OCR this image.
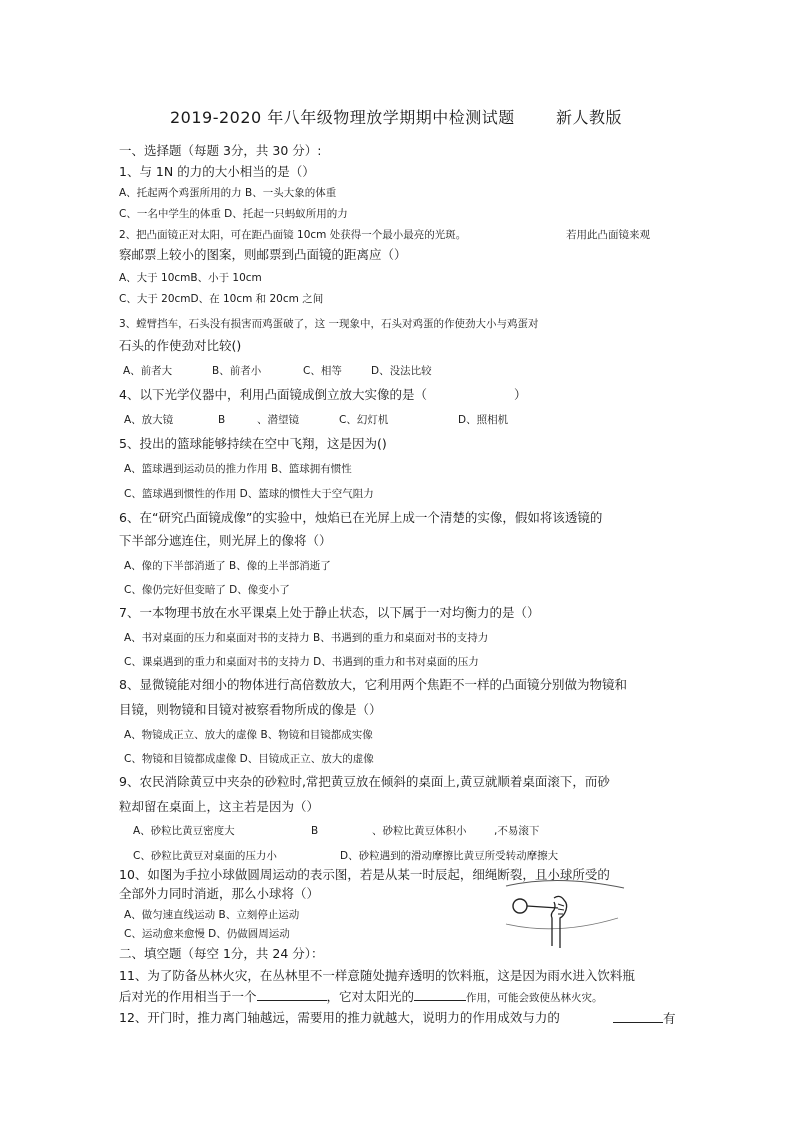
2019-2020 年八年级物理放学期期中检测试题	新人教版
一、选择题（每题 3分，共 30 分）:
1、与 1N 的力的大小相当的是（）
A、托起两个鸡蛋所用的力 B、一头大象的体重
C、一名中学生的体重 D、托起一只蚂蚁所用的力
2、把凸面镜正对太阳，可在距凸面镜 10cm 处获得一个最小最亮的光斑。	若用此凸面镜来观
察邮票上较小的图案，则邮票到凸面镜的距离应（）
A、大于 10cmB、小于 10cm
C、大于 20cmD、在 10cm 和 20cm 之间
3、螳臂挡车，石头没有损害而鸡蛋破了，这 一现象中，石头对鸡蛋的作使劲大小与鸡蛋对
石头的作使劲对比较()
A、前者大	B、前者小	C、相等	D、没法比较
4、以下光学仪器中，利用凸面镜成倒立放大实像的是（	）
A、放大镜	B	、潜望镜	C、幻灯机	D、照相机
5、投出的篮球能够持续在空中飞翔，这是因为()
A、篮球遇到运动员的推力作用 B、篮球拥有惯性
C、篮球遇到惯性的作用 D、篮球的惯性大于空气阻力
6、在“研究凸面镜成像”的实验中，烛焰已在光屏上成一个清楚的实像，假如将该透镜的
下半部分遮连住，则光屏上的像将（）
A、像的下半部消逝了 B、像的上半部消逝了
C、像仍完好但变暗了 D、像变小了
7、一本物理书放在水平课桌上处于静止状态，以下属于一对均衡力的是（）
A、书对桌面的压力和桌面对书的支持力 B、书遇到的重力和桌面对书的支持力
C、课桌遇到的重力和桌面对书的支持力 D、书遇到的重力和书对桌面的压力
8、显微镜能对细小的物体进行高倍数放大，它利用两个焦距不一样的凸面镜分别做为物镜和
目镜，则物镜和目镜对被察看物所成的像是（）
A、物镜成正立、放大的虚像 B、物镜和目镜都成实像
C、物镜和目镜都成虚像 D、目镜成正立、放大的虚像
9、农民消除黄豆中夹杂的砂粒时,常把黄豆放在倾斜的桌面上,黄豆就顺着桌面滚下，而砂
粒却留在桌面上，这主若是因为（）
A、砂粒比黄豆密度大	B	、砂粒比黄豆体积小	,不易滚下
C、砂粒比黄豆对桌面的压力小	D、砂粒遇到的滑动摩擦比黄豆所受转动摩擦大
10、如图为手拉小球做圆周运动的表示图，若是从某一时辰起，细绳断裂，且小球所受的
全部外力同时消逝，那么小球将（）
A、做匀速直线运动 B、立刻停止运动
C、运动愈来愈慢 D、仍做圆周运动
二、填空题（每空 1分，共 24 分）：
11、为了防备丛林火灾，在丛林里不一样意随处抛弃透明的饮料瓶，这是因为雨水进入饮料瓶
后对光的作用相当于一个	，它对太阳光的	作用，可能会致使丛林火灾。
12、开门时，推力离门轴越远，需要用的推力就越大，说明力的作用成效与力的	有
